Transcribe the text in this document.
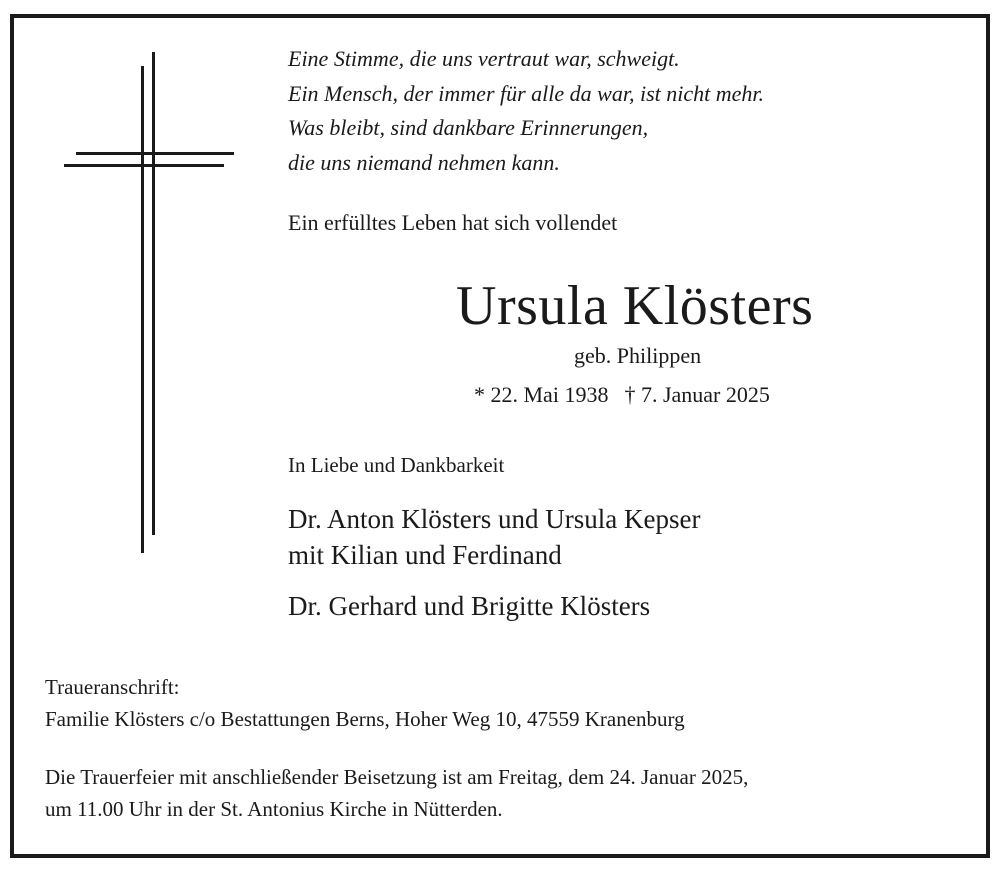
Eine Stimme, die uns vertraut war, schweigt.
Ein Mensch, der immer für alle da war, ist nicht mehr.
Was bleibt, sind dankbare Erinnerungen,
die uns niemand nehmen kann.
Ein erfülltes Leben hat sich vollendet
Ursula Klösters
geb. Philippen
* 22. Mai 1938 † 7. Januar 2025
In Liebe und Dankbarkeit
Dr. Anton Klösters und Ursula Kepser
mit Kilian und Ferdinand
Dr. Gerhard und Brigitte Klösters
Traueranschrift:
Familie Klösters c/o Bestattungen Berns, Hoher Weg 10, 47559 Kranenburg
Die Trauerfeier mit anschließender Beisetzung ist am Freitag, dem 24. Januar 2025,
um 11.00 Uhr in der St. Antonius Kirche in Nütterden.
